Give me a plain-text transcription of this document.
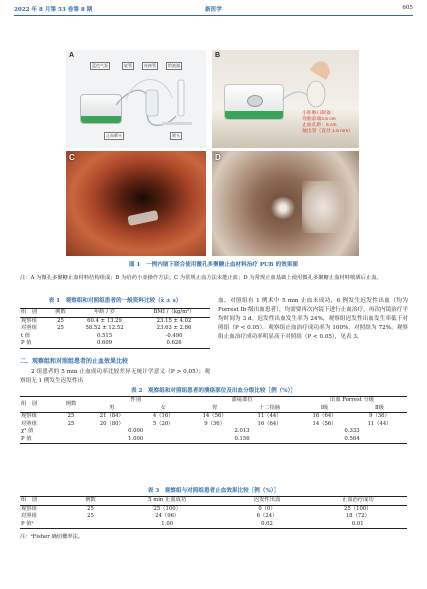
2022 年 8 月第 53 卷第 8 期	新医学	605
A
蓝色气泵	软管	连接管	给液器
止血喷头	喷头
B
小卧喉口制备：
弯曲前端4.5 cm
止血孔距：5 cm
抽出管（直径 1.5 mm）
C	D
图 1　一例内镜下联合使用微孔多聚糖止血材料治疗 PUB 的效果图
注：A 为微孔多聚糖止血材料结构组成；B 为给药小壶操作方法；C 为常规止血方法未能止血；D 为常规止血基础上使用微孔多聚糖止血材料喷洒后止血。
表 1　观察组和对照组患者的一般资料比较（x̄ ± s）
组　别	例数	年龄 / 岁	BMI /（kg/m²）
观察组	25	60.4 ± 13.29	23.15 ± 4.02
对照组	25	58.52 ± 12.52	23.63 ± 2.86
t 值		0.515	-0.490
P 值		0.609	0.626
二、观察组和对照组患者的止血效果比较
2 组患者的 5 min 止血成功率比较差异无统计学意义（P > 0.05）；观察组无 1 例发生迟发性出
血，对照组有 1 例术中 5 min 止血未成功，6 例发生迟发性出血（均为 Forrest Ⅰb 级出血患者），均需要再次内镜下进行止血治疗，再次内镜治疗平均时间为 3 d。迟发性出血发生率为 24%，观察组迟发性出血发生率低于对照组（P < 0.05）。观察组止血治疗成功率为 100%，对照组为 72%，观察组止血治疗成功率明显高于对照组（P < 0.05），见表 3。
表 2　观察组和对照组患者的溃疡部位及出血分级比较［例（%）］
组　别	例数	性别		溃疡部位		出血 Forrest 分级	
		男	女	胃	十二指肠	Ⅰ级	Ⅱ级
观察组	25	21（84）	4（16）	14（56）	11（44）	16（64）	9（36）
对照组	25	20（80）	5（20）	9（36）	16（64）	14（56）	11（44）
χ² 值		0.000		2.013		0.333	
P 值		1.000		0.156		0.564	
表 3　观察组与对照组患者止血效果比较［例（%）］
组　别	例数	5 min 止血成功	迟发性出血	止血治疗成功
观察组	25	25（100）	0（0）	25（100）
对照组	25	24（96）	6（24）	18（72）
P 值ᵃ		1.00	0.02	0.01
注：ᵃFisher 确切概率法。
